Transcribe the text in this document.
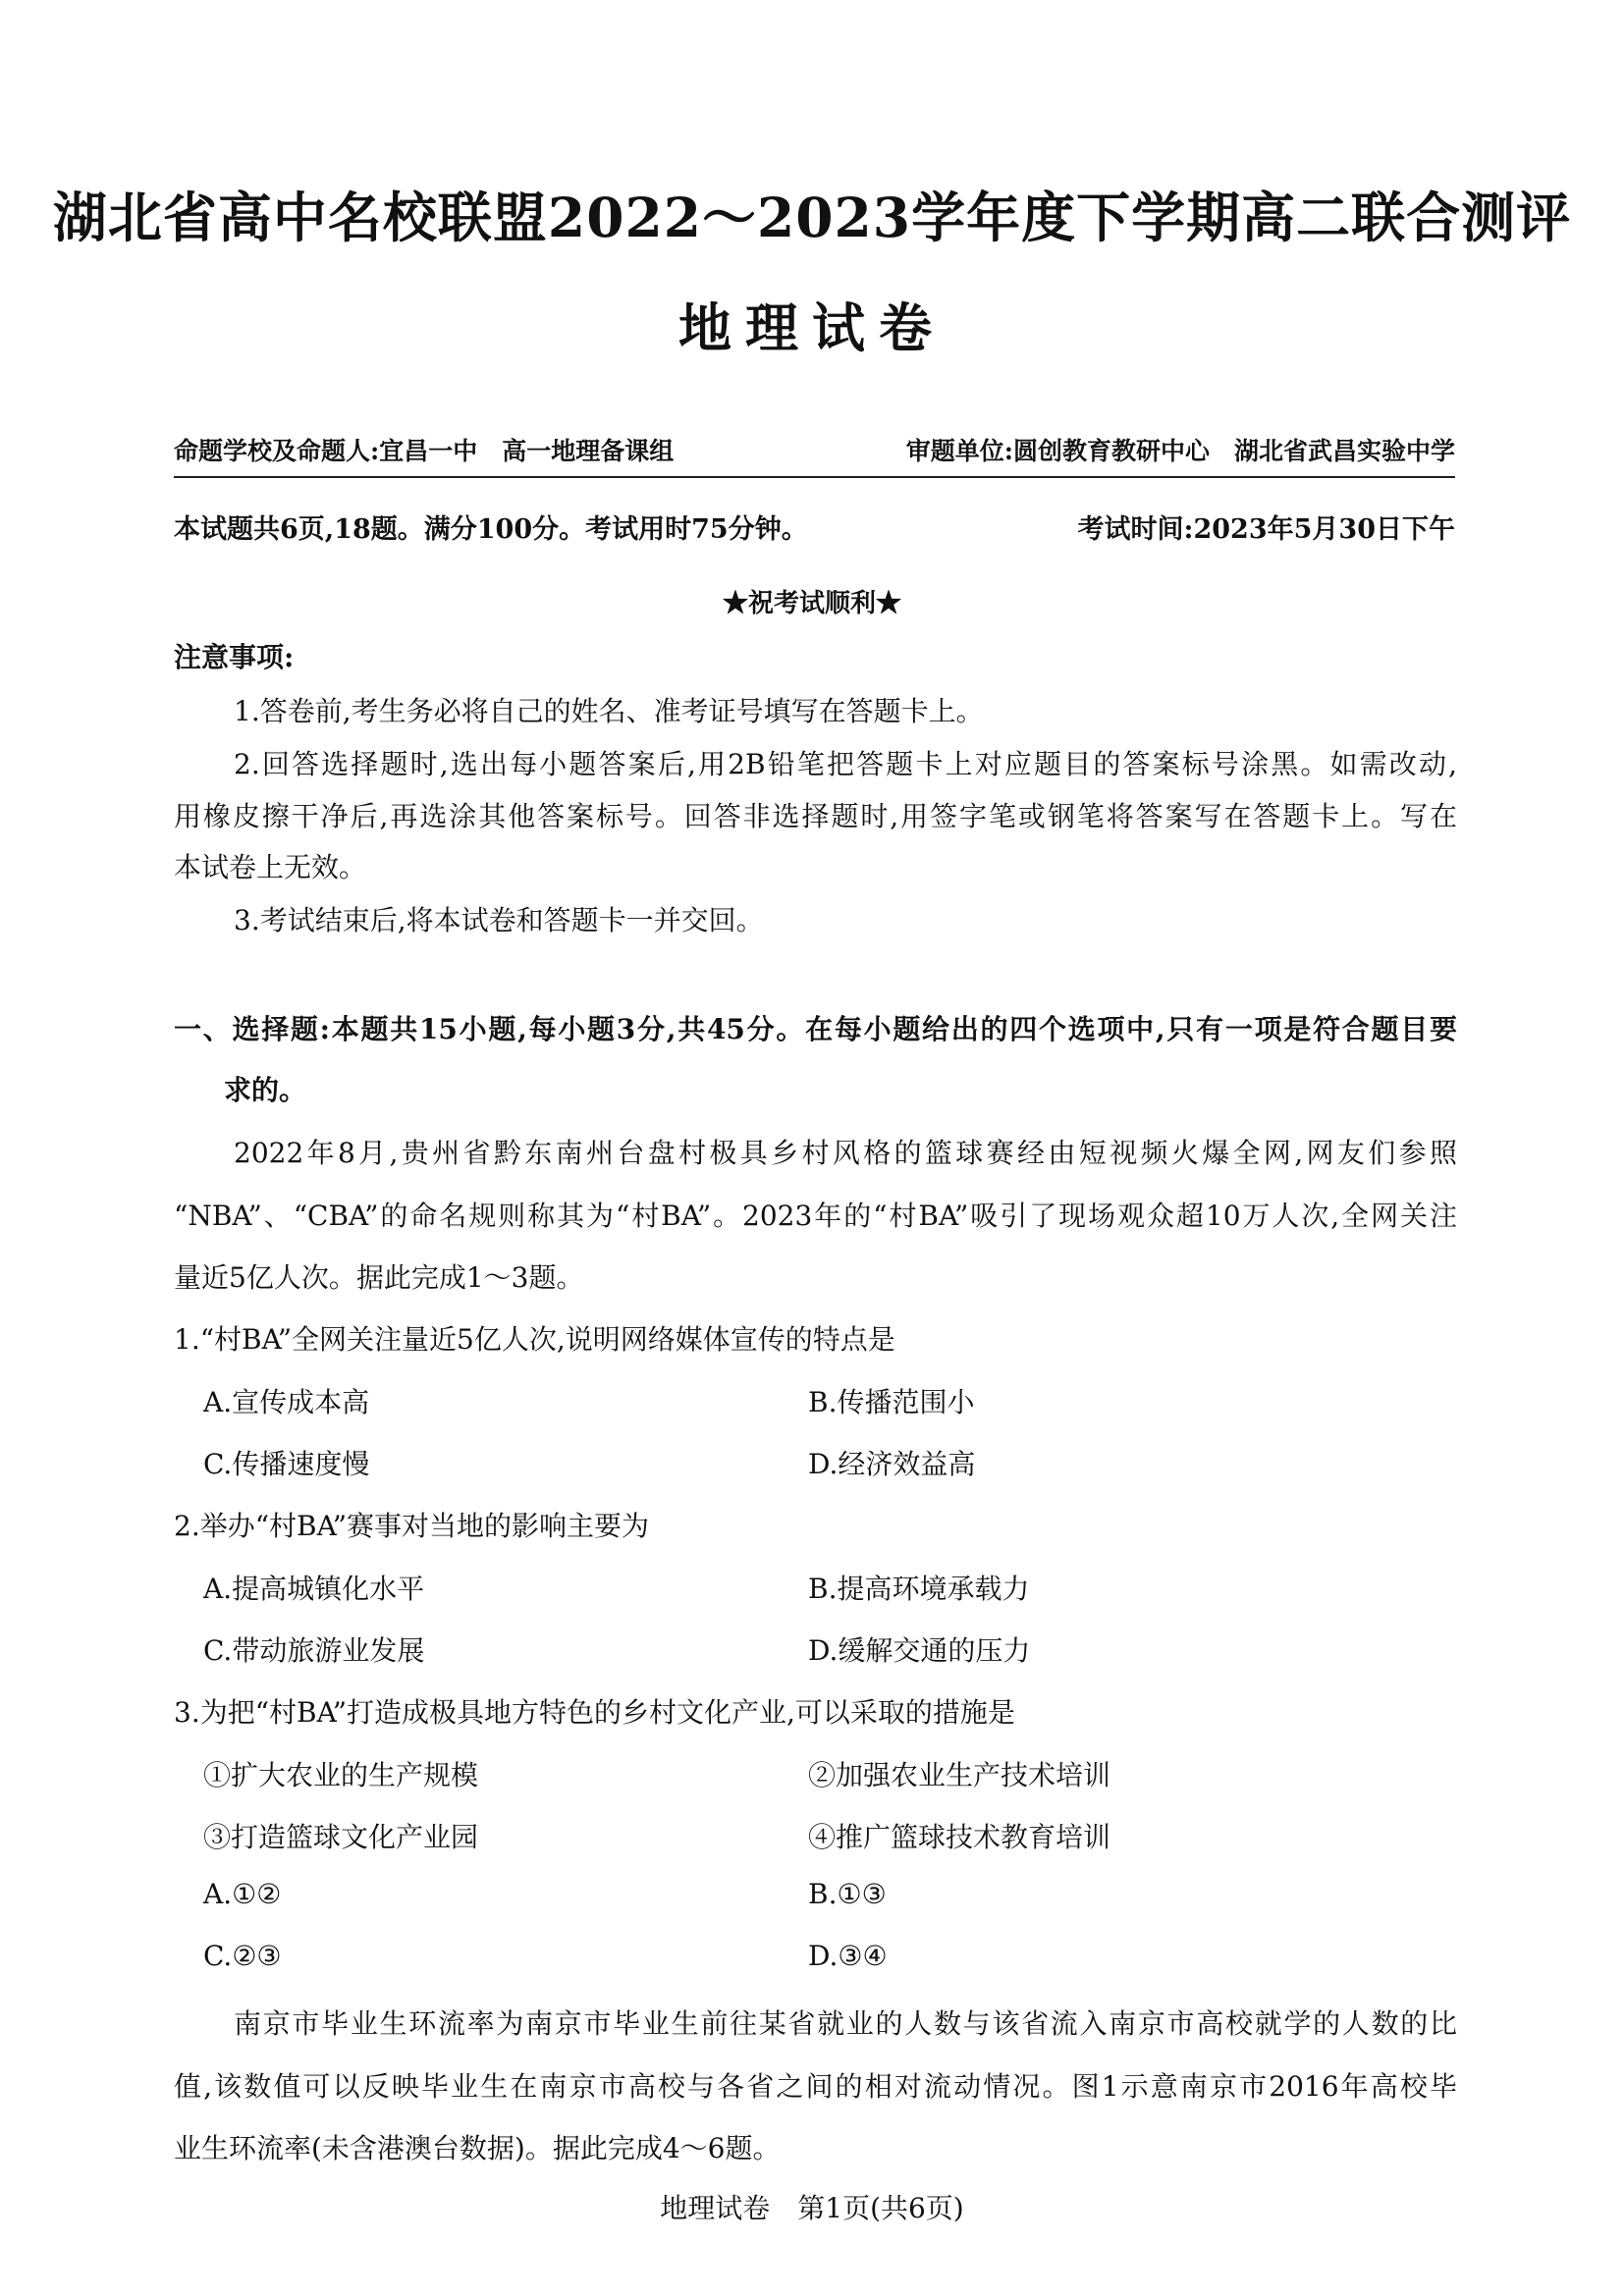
湖北省高中名校联盟2022～2023学年度下学期高二联合测评
地理试卷
命题学校及命题人:宜昌一中　高一地理备课组	审题单位:圆创教育教研中心　湖北省武昌实验中学
本试题共6页,18题。满分100分。考试用时75分钟。	考试时间:2023年5月30日下午
★祝考试顺利★
注意事项:
1.答卷前,考生务必将自己的姓名、准考证号填写在答题卡上。
2.回答选择题时,选出每小题答案后,用2B铅笔把答题卡上对应题目的答案标号涂黑。如需改动,
用橡皮擦干净后,再选涂其他答案标号。回答非选择题时,用签字笔或钢笔将答案写在答题卡上。写在
本试卷上无效。
3.考试结束后,将本试卷和答题卡一并交回。
一、选择题:本题共15小题,每小题3分,共45分。在每小题给出的四个选项中,只有一项是符合题目要
求的。
2022年8月,贵州省黔东南州台盘村极具乡村风格的篮球赛经由短视频火爆全网,网友们参照
“NBA”、“CBA”的命名规则称其为“村BA”。2023年的“村BA”吸引了现场观众超10万人次,全网关注
量近5亿人次。据此完成1～3题。
1.“村BA”全网关注量近5亿人次,说明网络媒体宣传的特点是
A.宣传成本高	B.传播范围小
C.传播速度慢	D.经济效益高
2.举办“村BA”赛事对当地的影响主要为
A.提高城镇化水平	B.提高环境承载力
C.带动旅游业发展	D.缓解交通的压力
3.为把“村BA”打造成极具地方特色的乡村文化产业,可以采取的措施是
①扩大农业的生产规模	②加强农业生产技术培训
③打造篮球文化产业园	④推广篮球技术教育培训
A.①②	B.①③
C.②③	D.③④
南京市毕业生环流率为南京市毕业生前往某省就业的人数与该省流入南京市高校就学的人数的比
值,该数值可以反映毕业生在南京市高校与各省之间的相对流动情况。图1示意南京市2016年高校毕
业生环流率(未含港澳台数据)。据此完成4～6题。
地理试卷　第1页(共6页)
